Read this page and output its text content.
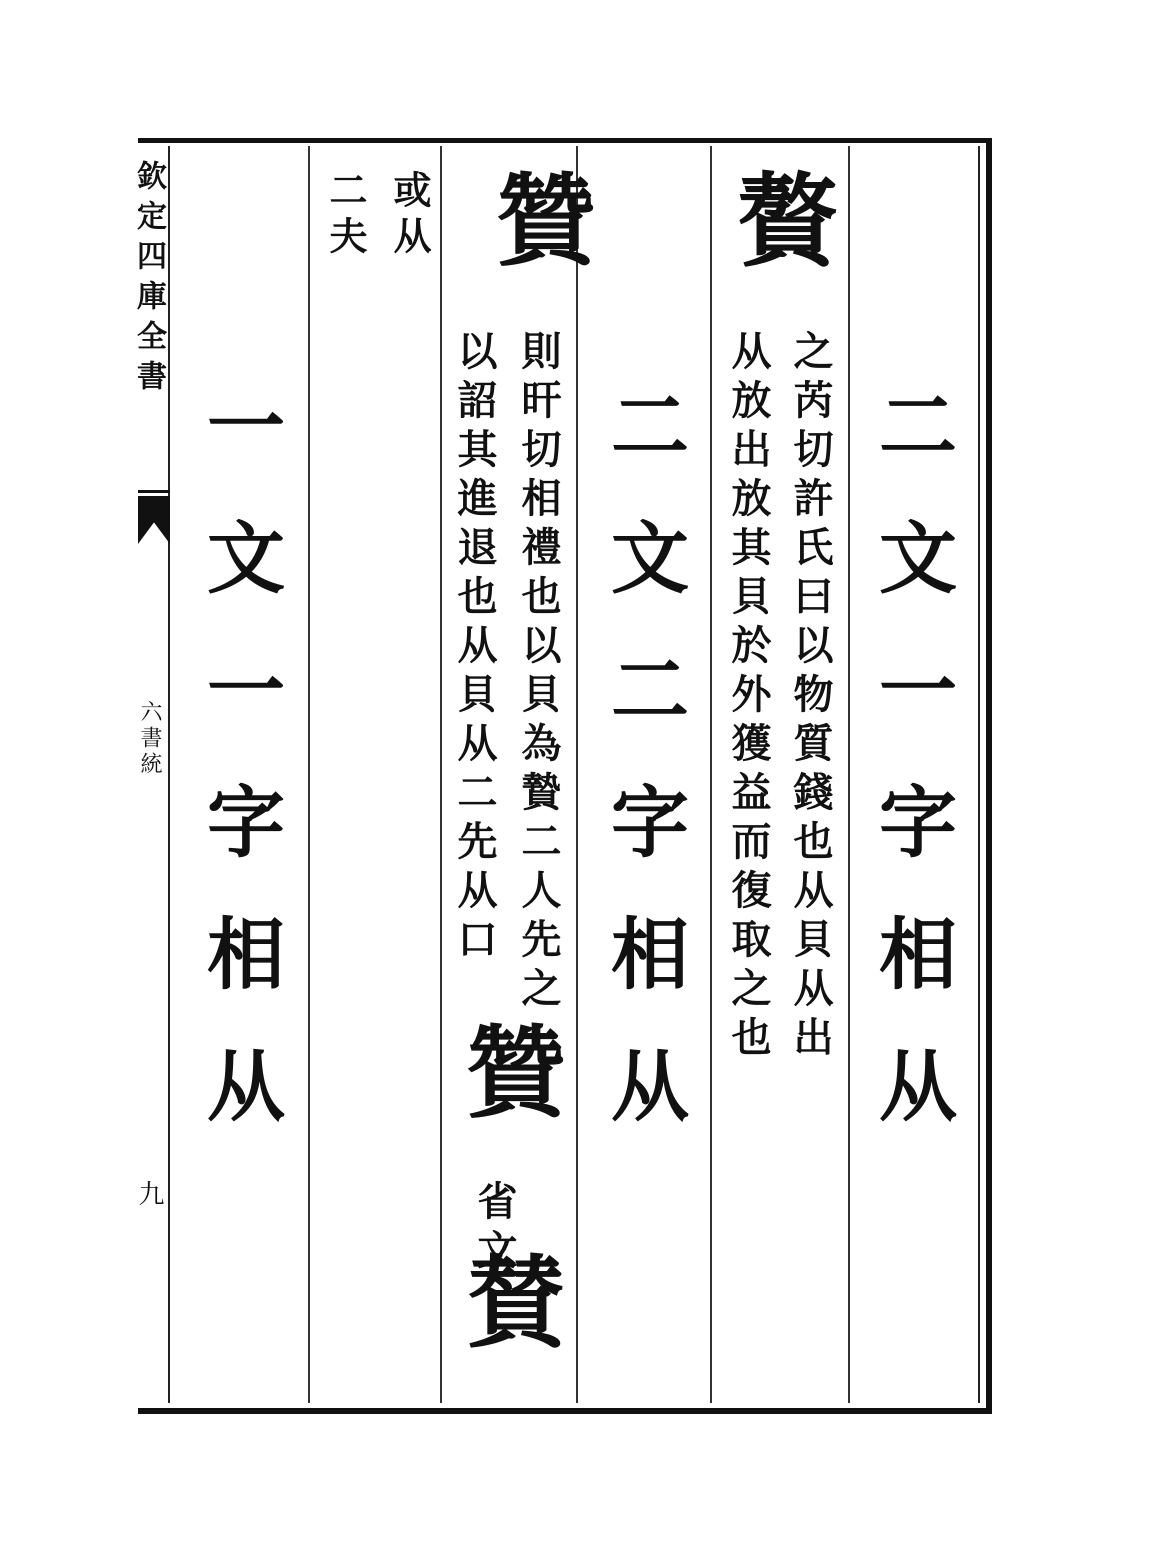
欽定四庫全書
六書統
九
二文一字相从
贅
之芮切許氏曰以物質錢也从貝从出
从放出放其貝於外獲益而復取之也
二文二字相从
贊
則旰切相禮也以貝為贄二人先之
以詔其進退也从貝从二先从口
贊
省文
賛
或从
二夫
一文一字相从
